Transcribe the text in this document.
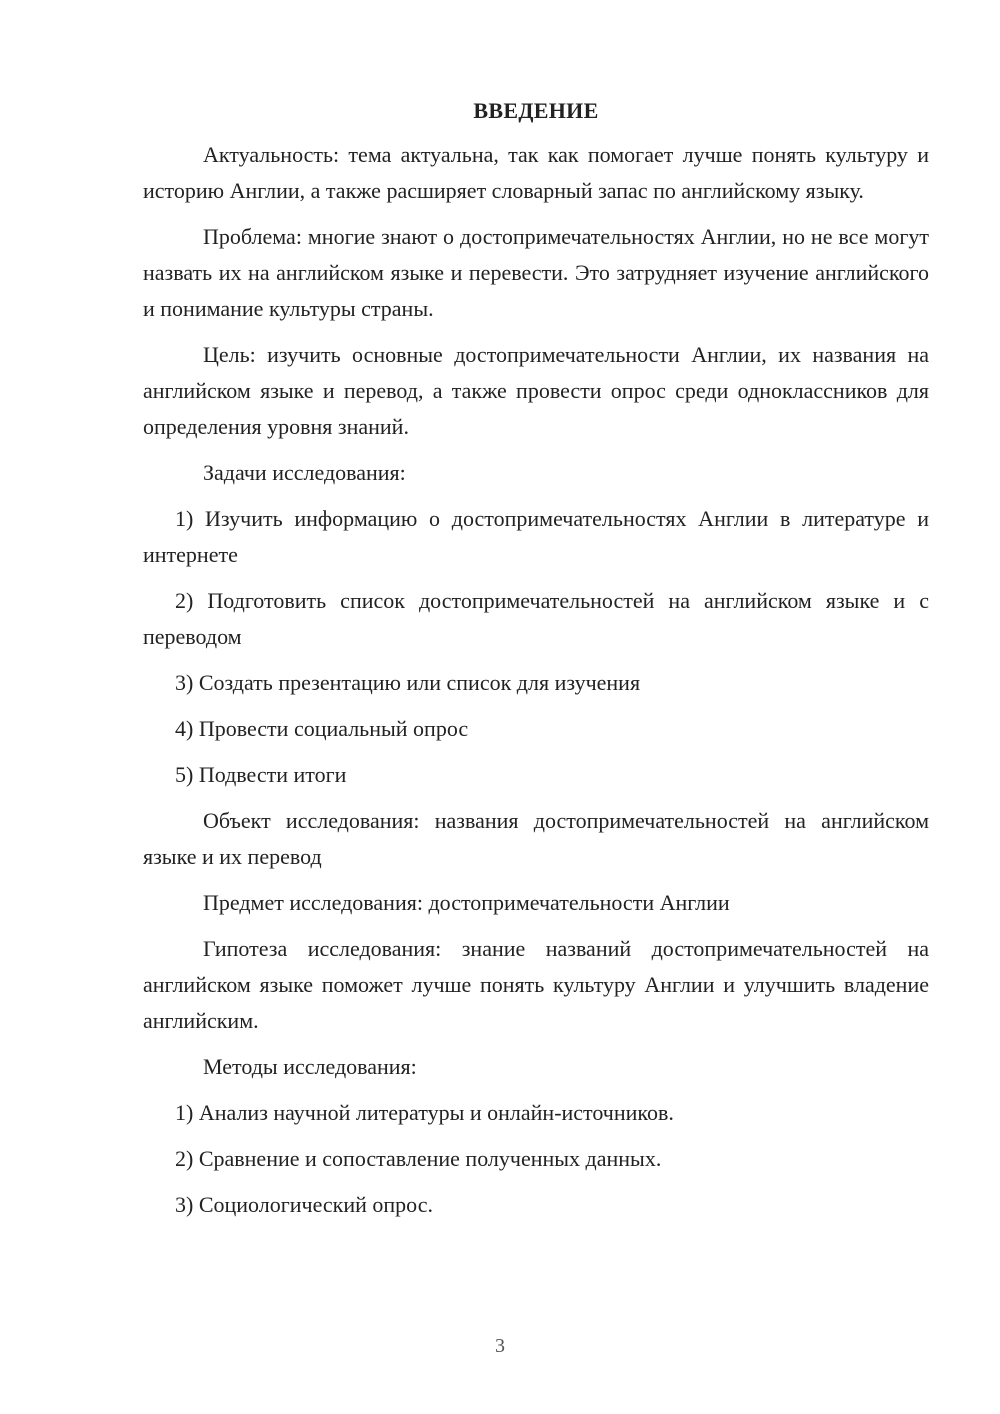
ВВЕДЕНИЕ

Актуальность: тема актуальна, так как помогает лучше понять культуру и историю Англии, а также расширяет словарный запас по английскому языку.

Проблема: многие знают о достопримечательностях Англии, но не все могут назвать их на английском языке и перевести. Это затрудняет изучение английского и понимание культуры страны.

Цель: изучить основные достопримечательности Англии, их названия на английском языке и перевод, а также провести опрос среди одноклассников для определения уровня знаний.

Задачи исследования:

1) Изучить информацию о достопримечательностях Англии в литературе и интернете

2) Подготовить список достопримечательностей на английском языке и с переводом

3) Создать презентацию или список для изучения

4) Провести социальный опрос

5) Подвести итоги

Объект исследования: названия достопримечательностей на английском языке и их перевод

Предмет исследования: достопримечательности Англии

Гипотеза исследования: знание названий достопримечательностей на английском языке поможет лучше понять культуру Англии и улучшить владение английским.

Методы исследования:

1) Анализ научной литературы и онлайн-источников.

2) Сравнение и сопоставление полученных данных.

3) Социологический опрос.

3
